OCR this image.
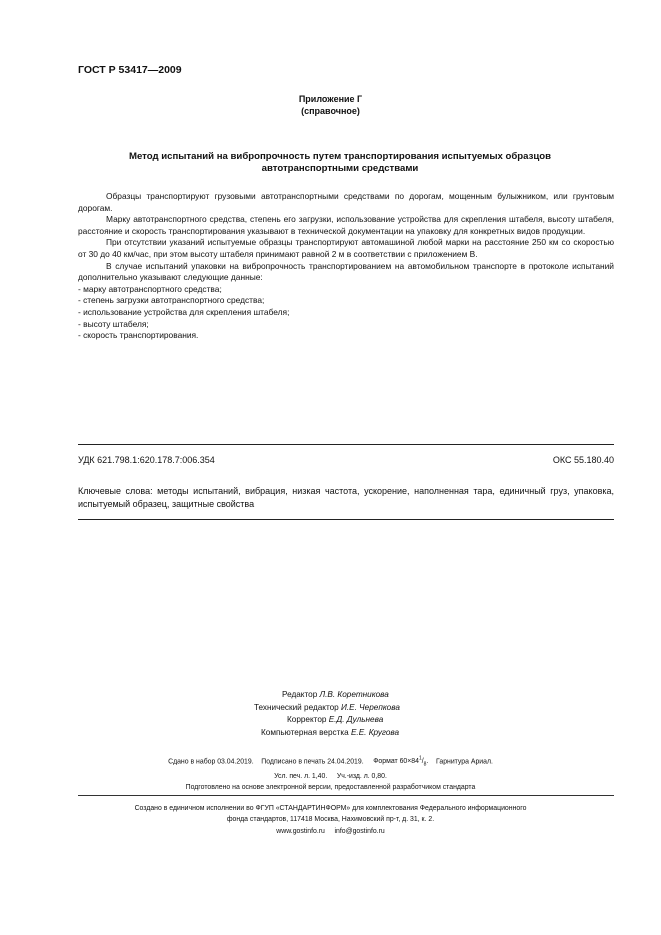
ГОСТ Р 53417—2009
Приложение Г
(справочное)
Метод испытаний на вибропрочность путем транспортирования испытуемых образцов
автотранспортными средствами

Образцы транспортируют грузовыми автотранспортными средствами по дорогам, мощенным булыжником, или грунтовым дорогам.

Марку автотранспортного средства, степень его загрузки, использование устройства для скрепления штабеля, высоту штабеля, расстояние и скорость транспортирования указывают в технической документации на упаковку для конкретных видов продукции.

При отсутствии указаний испытуемые образцы транспортируют автомашиной любой марки на расстояние 250 км со скоростью от 30 до 40 км/час, при этом высоту штабеля принимают равной 2 м в соответствии с приложением В.

В случае испытаний упаковки на вибропрочность транспортированием на автомобильном транспорте в протоколе испытаний дополнительно указывают следующие данные:

- марку автотранспортного средства;
- степень загрузки автотранспортного средства;
- использование устройства для скрепления штабеля;
- высоту штабеля;
- скорость транспортирования.
УДК 621.798.1:620.178.7:006.354	ОКС 55.180.40
Ключевые слова: методы испытаний, вибрация, низкая частота, ускорение, наполненная тара, единичный груз, упаковка, испытуемый образец, защитные свойства
Редактор Л.В. Коретникова
Технический редактор И.Е. Черепкова
Корректор Е.Д. Дульнева
Компьютерная верстка Е.Е. Кругова
Сдано в набор 03.04.2019. Подписано в печать 24.04.2019. Формат $60\times 84^1/_8$. Гарнитура Ариал.
Усл. печ. л. 1,40. Уч.-изд. л. 0,80.
Подготовлено на основе электронной версии, предоставленной разработчиком стандарта
Создано в единичном исполнении во ФГУП «СТАНДАРТИНФОРМ» для комплектования Федерального информационного
фонда стандартов, 117418 Москва, Нахимовский пр-т, д. 31, к. 2.
www.gostinfo.ru info@gostinfo.ru
